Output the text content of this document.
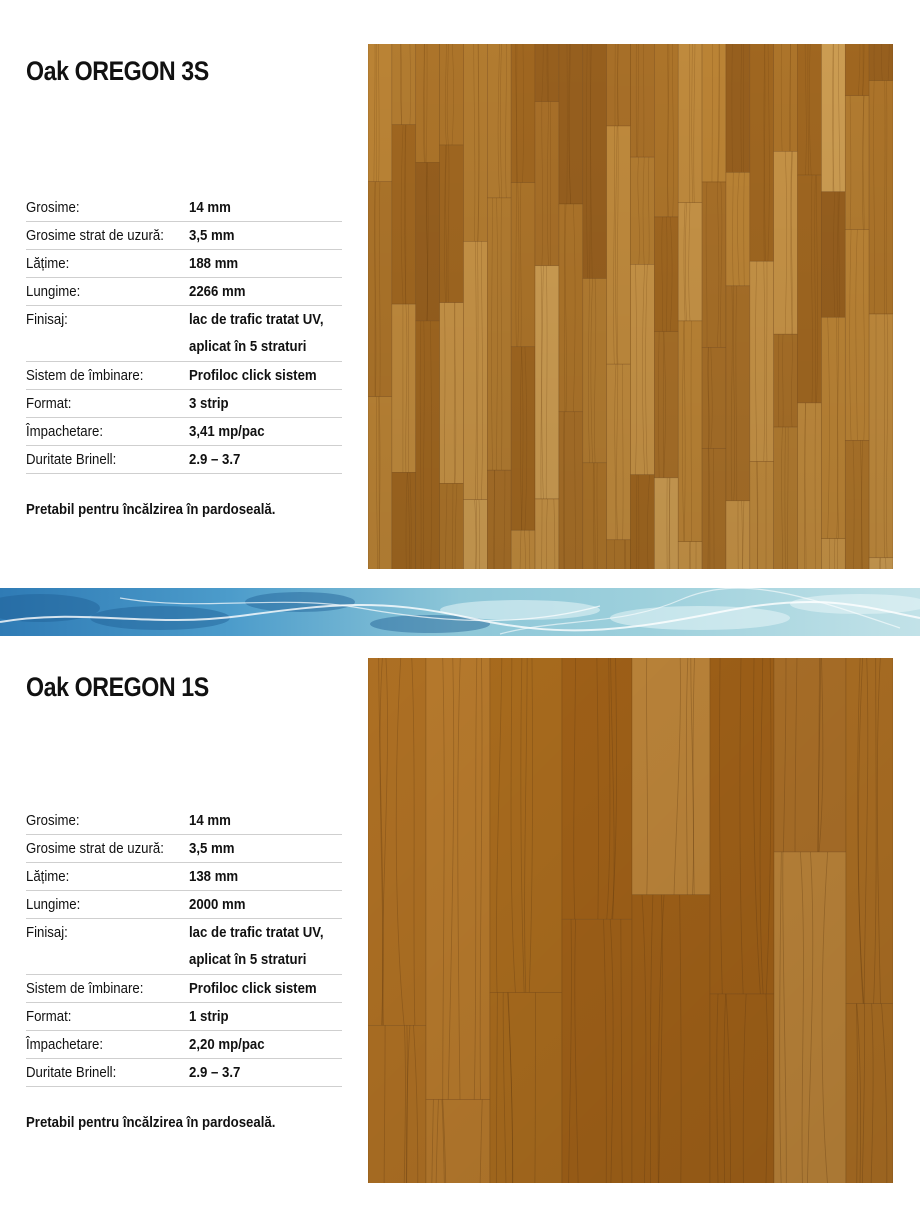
Oak OREGON 3S
Grosime:	14 mm
Grosime strat de uzură:	3,5 mm
Lățime:	188 mm
Lungime:	2266 mm
Finisaj:	lac de trafic tratat UV,
aplicat în 5 straturi

Sistem de îmbinare:	Profiloc click sistem
Format:	3 strip
Împachetare:	3,41 mp/pac
Duritate Brinell:	2.9 – 3.7
Pretabil pentru încălzirea în pardoseală.
Oak OREGON 1S
Grosime:	14 mm
Grosime strat de uzură:	3,5 mm
Lățime:	138 mm
Lungime:	2000 mm
Finisaj:	lac de trafic tratat UV,
aplicat în 5 straturi

Sistem de îmbinare:	Profiloc click sistem
Format:	1 strip
Împachetare:	2,20 mp/pac
Duritate Brinell:	2.9 – 3.7
Pretabil pentru încălzirea în pardoseală.
